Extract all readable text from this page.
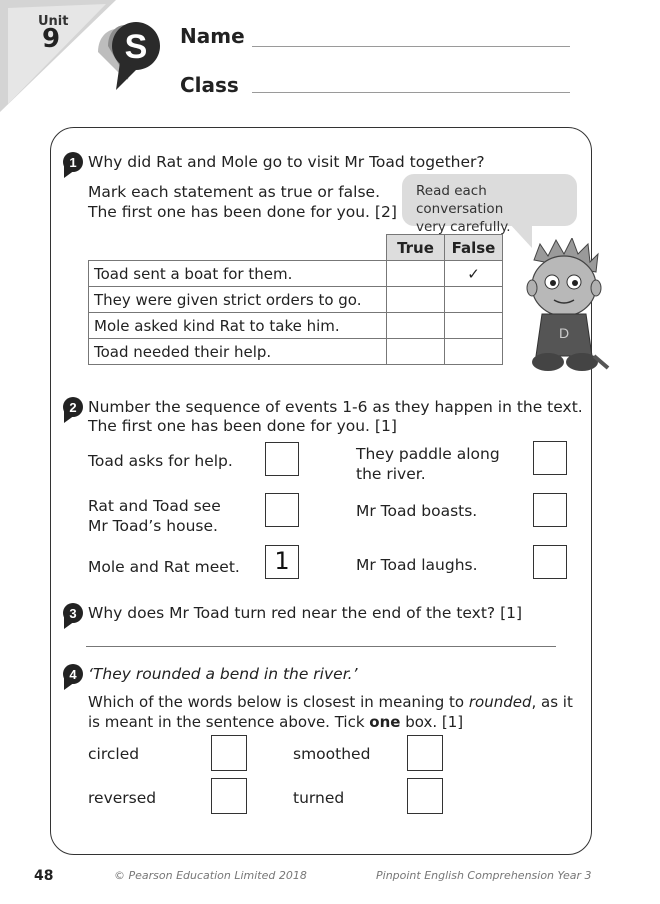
Unit
9 S Name
Class
1 Why did Rat and Mole go to visit Mr Toad together?
Mark each statement as true or false.
The first one has been done for you. [2]
Read each conversation
very carefully.
	True	False
Toad sent a boat for them.		✓
They were given strict orders to go.		
Mole asked kind Rat to take him.		
Toad needed their help.		
D
2 Number the sequence of events 1-6 as they happen in the text.
The first one has been done for you. [1]
Toad asks for help.
Rat and Toad see
Mr Toad’s house.
Mole and Rat meet.	1
They paddle along
the river.
Mr Toad boasts.
Mr Toad laughs.
3 Why does Mr Toad turn red near the end of the text? [1]
4 ‘They rounded a bend in the river.’
Which of the words below is closest in meaning to rounded, as it
is meant in the sentence above. Tick one box. [1]
circled	smoothed
reversed	turned
48	© Pearson Education Limited 2018	Pinpoint English Comprehension Year 3
